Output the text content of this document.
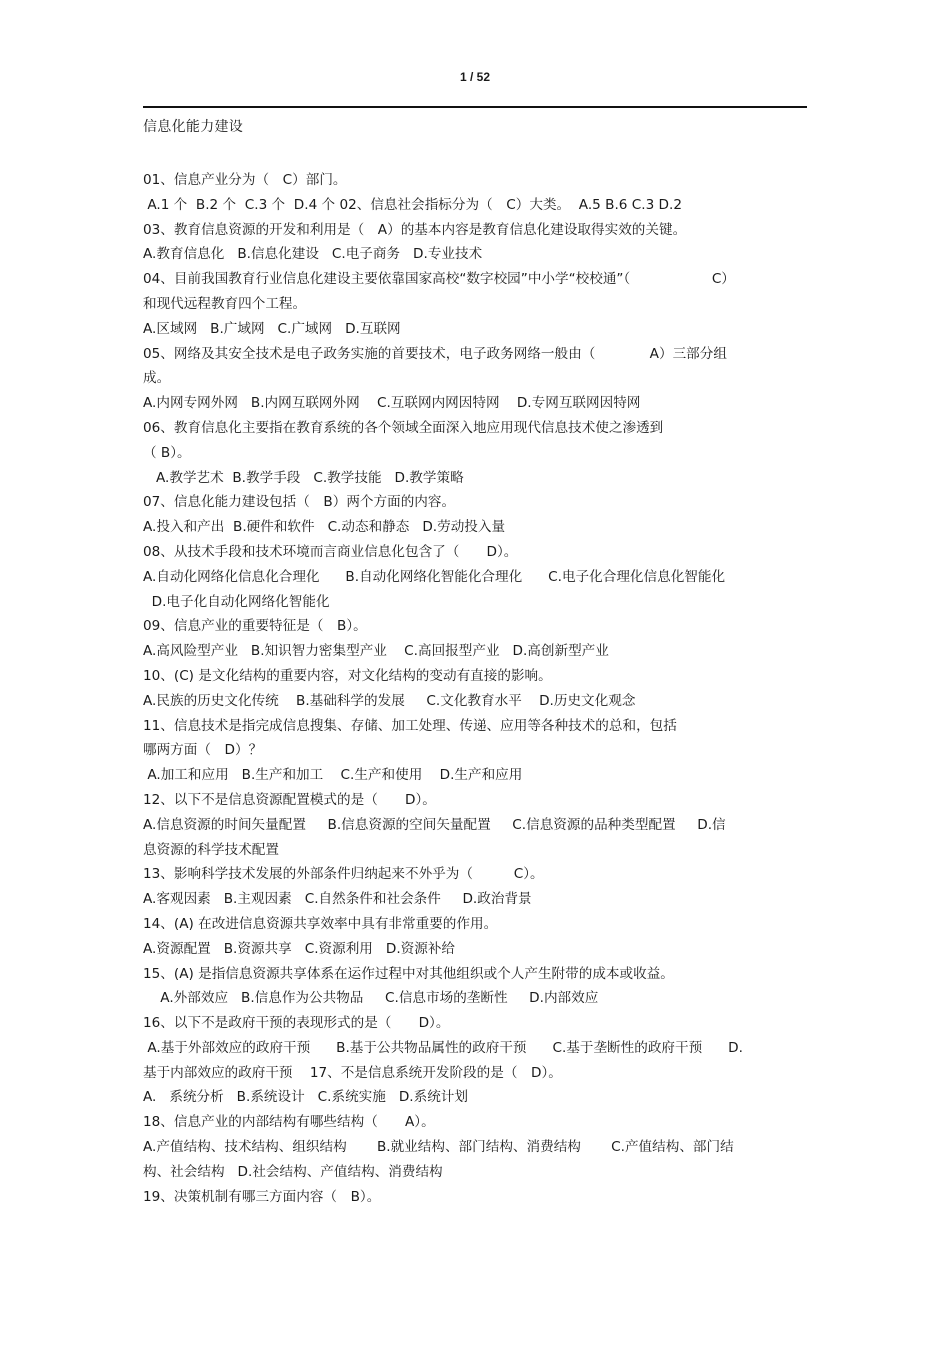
1 / 52
信息化能力建设
01、信息产业分为（　C）部门。
A.1 个  B.2 个  C.3 个  D.4 个 02、信息社会指标分为（　C）大类。  A.5 B.6 C.3 D.2
03、教育信息资源的开发和利用是（　A）的基本内容是教育信息化建设取得实效的关键。
A.教育信息化   B.信息化建设   C.电子商务   D.专业技术
04、目前我国教育行业信息化建设主要依靠国家高校“数字校园”中小学“校校通”（　　　　　　C）
和现代远程教育四个工程。
A.区域网   B.广域网   C.广域网   D.互联网
05、网络及其安全技术是电子政务实施的首要技术，电子政务网络一般由（　　　　A）三部分组
成。
A.内网专网外网   B.内网互联网外网    C.互联网内网因特网    D.专网互联网因特网
06、教育信息化主要指在教育系统的各个领域全面深入地应用现代信息技术使之渗透到
（ B）。
A.教学艺术  B.教学手段   C.教学技能   D.教学策略
07、信息化能力建设包括（　B）两个方面的内容。
A.投入和产出  B.硬件和软件   C.动态和静态   D.劳动投入量
08、从技术手段和技术环境而言商业信息化包含了（　　D）。
A.自动化网络化信息化合理化      B.自动化网络化智能化合理化      C.电子化合理化信息化智能化
D.电子化自动化网络化智能化
09、信息产业的重要特征是（　B）。
A.高风险型产业   B.知识智力密集型产业    C.高回报型产业   D.高创新型产业
10、(C) 是文化结构的重要内容，对文化结构的变动有直接的影响。
A.民族的历史文化传统    B.基础科学的发展     C.文化教育水平    D.历史文化观念
11、信息技术是指完成信息搜集、存储、加工处理、传递、应用等各种技术的总和，包括
哪两方面（　D）？
A.加工和应用   B.生产和加工    C.生产和使用    D.生产和应用
12、以下不是信息资源配置模式的是（　　D）。
A.信息资源的时间矢量配置     B.信息资源的空间矢量配置     C.信息资源的品种类型配置     D.信
息资源的科学技术配置
13、影响科学技术发展的外部条件归纳起来不外乎为（　　　C）。
A.客观因素   B.主观因素   C.自然条件和社会条件     D.政治背景
14、(A) 在改进信息资源共享效率中具有非常重要的作用。
A.资源配置   B.资源共享   C.资源利用   D.资源补给
15、(A) 是指信息资源共享体系在运作过程中对其他组织或个人产生附带的成本或收益。
A.外部效应   B.信息作为公共物品     C.信息市场的垄断性     D.内部效应
16、以下不是政府干预的表现形式的是（　　D）。
A.基于外部效应的政府干预      B.基于公共物品属性的政府干预      C.基于垄断性的政府干预      D.
基于内部效应的政府干预    17、不是信息系统开发阶段的是（　D）。
A.   系统分析   B.系统设计   C.系统实施   D.系统计划
18、信息产业的内部结构有哪些结构（　　A）。
A.产值结构、技术结构、组织结构       B.就业结构、部门结构、消费结构       C.产值结构、部门结
构、社会结构   D.社会结构、产值结构、消费结构
19、决策机制有哪三方面内容（　B）。
